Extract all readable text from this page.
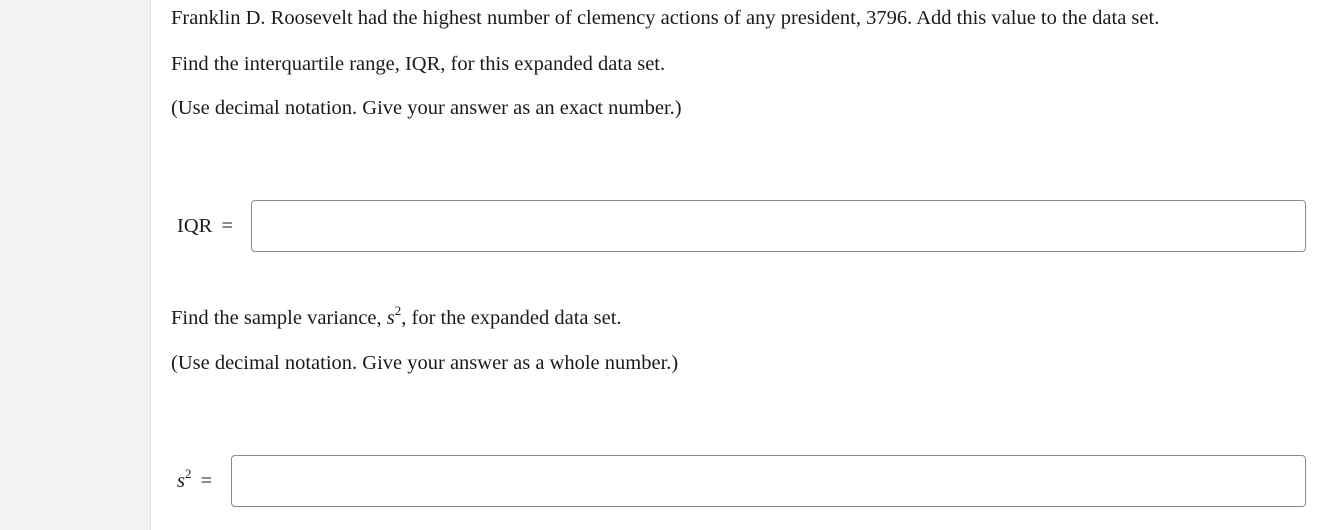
Franklin D. Roosevelt had the highest number of clemency actions of any president, 3796. Add this value to the data set.

Find the interquartile range, IQR, for this expanded data set.

(Use decimal notation. Give your answer as an exact number.)

IQR =

Find the sample variance, $s^2$, for the expanded data set.

(Use decimal notation. Give your answer as a whole number.)

$s^2$ =
